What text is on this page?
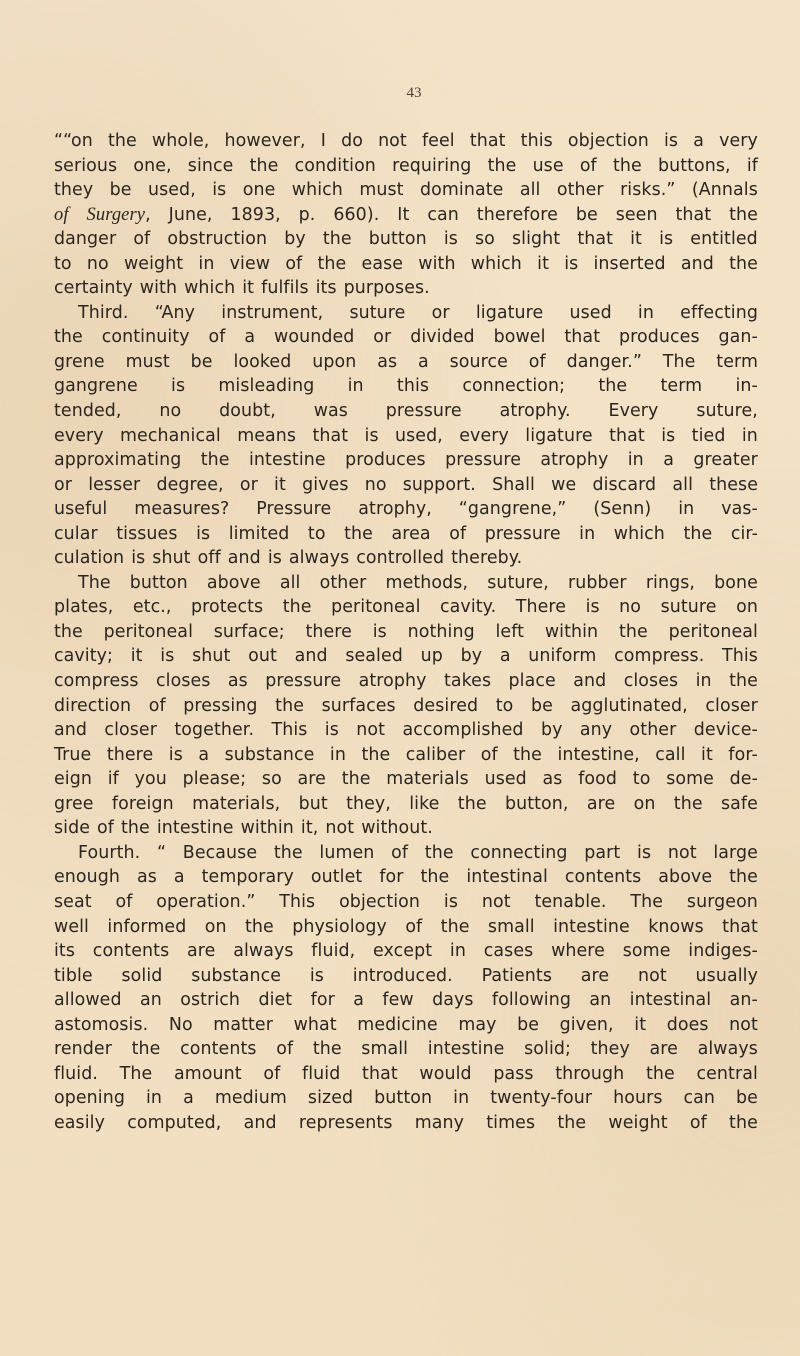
43
““on the whole, however, I do not feel that this objection is a very
serious one, since the condition requiring the use of the buttons, if
they be used, is one which must dominate all other risks.” (Annals
of Surgery, June, 1893, p. 660). It can therefore be seen that the
danger of obstruction by the button is so slight that it is entitled
to no weight in view of the ease with which it is inserted and the
certainty with which it fulfils its purposes.
Third. “Any instrument, suture or ligature used in effecting
the continuity of a wounded or divided bowel that produces gan-
grene must be looked upon as a source of danger.” The term
gangrene is misleading in this connection; the term in-
tended, no doubt, was pressure atrophy. Every suture,
every mechanical means that is used, every ligature that is tied in
approximating the intestine produces pressure atrophy in a greater
or lesser degree, or it gives no support. Shall we discard all these
useful measures? Pressure atrophy, “gangrene,” (Senn) in vas-
cular tissues is limited to the area of pressure in which the cir-
culation is shut off and is always controlled thereby.
The button above all other methods, suture, rubber rings, bone
plates, etc., protects the peritoneal cavity. There is no suture on
the peritoneal surface; there is nothing left within the peritoneal
cavity; it is shut out and sealed up by a uniform compress. This
compress closes as pressure atrophy takes place and closes in the
direction of pressing the surfaces desired to be agglutinated, closer
and closer together. This is not accomplished by any other device-
True there is a substance in the caliber of the intestine, call it for-
eign if you please; so are the materials used as food to some de-
gree foreign materials, but they, like the button, are on the safe
side of the intestine within it, not without.
Fourth. “ Because the lumen of the connecting part is not large
enough as a temporary outlet for the intestinal contents above the
seat of operation.” This objection is not tenable. The surgeon
well informed on the physiology of the small intestine knows that
its contents are always fluid, except in cases where some indiges-
tible solid substance is introduced. Patients are not usually
allowed an ostrich diet for a few days following an intestinal an-
astomosis. No matter what medicine may be given, it does not
render the contents of the small intestine solid; they are always
fluid. The amount of fluid that would pass through the central
opening in a medium sized button in twenty-four hours can be
easily computed, and represents many times the weight of the
